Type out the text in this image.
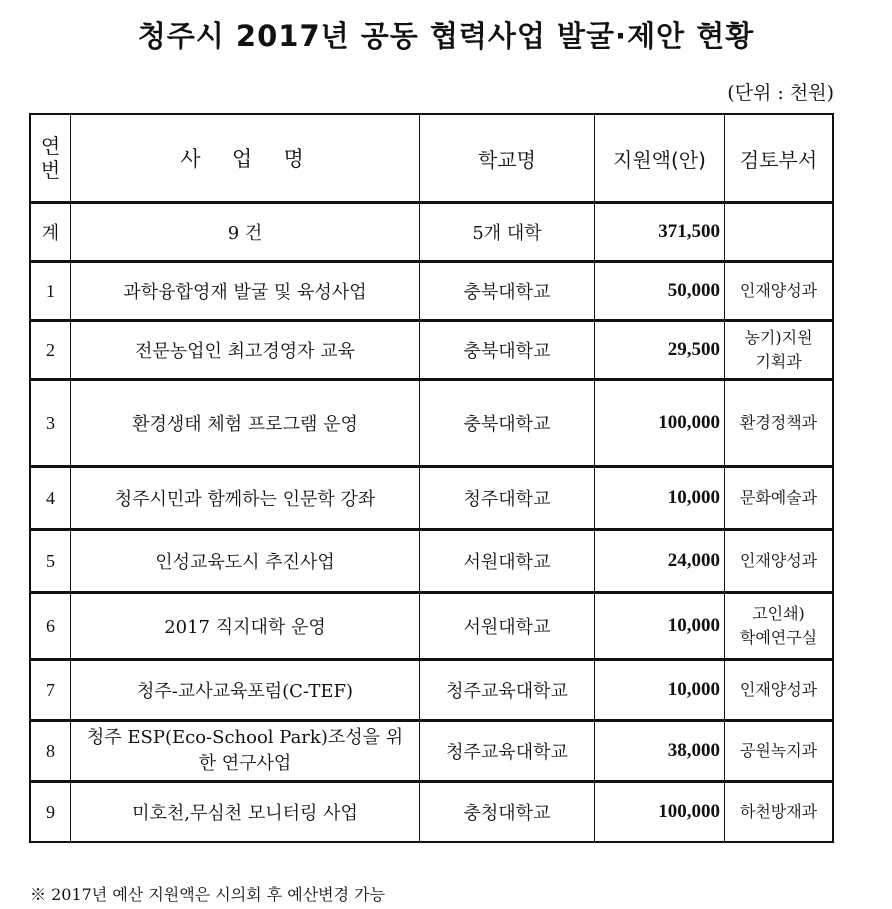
청주시 2017년 공동 협력사업 발굴·제안 현황
(단위 : 천원)
연
번	사  업  명	학교명	지원액(안)	검토부서

계	9 건	5개 대학	371,500	

1	과학융합영재 발굴 및 육성사업	충북대학교	50,000	인재양성과

2	전문농업인 최고경영자 교육	충북대학교	29,500	농기)지원
기획과

3	환경생태 체험 프로그램 운영	충북대학교	100,000	환경정책과

4	청주시민과 함께하는 인문학 강좌	청주대학교	10,000	문화예술과

5	인성교육도시 추진사업	서원대학교	24,000	인재양성과

6	2017 직지대학 운영	서원대학교	10,000	고인쇄)
학예연구실

7	청주-교사교육포럼(C-TEF)	청주교육대학교	10,000	인재양성과

8	청주 ESP(Eco-School Park)조성을 위
한 연구사업	청주교육대학교	38,000	공원녹지과

9	미호천,무심천 모니터링 사업	충청대학교	100,000	하천방재과
※ 2017년 예산 지원액은 시의회 후 예산변경 가능
